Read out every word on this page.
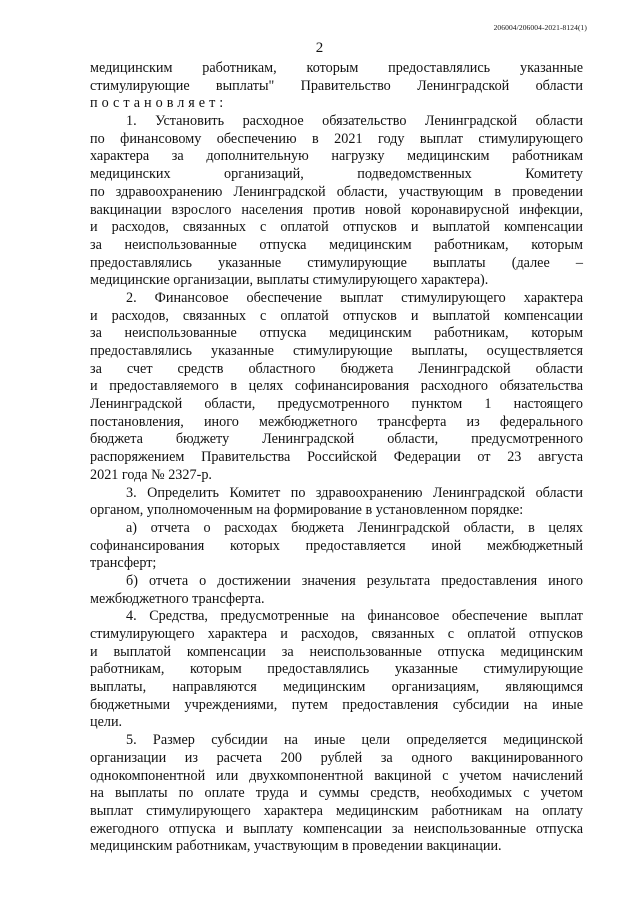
206004/206004-2021-8124(1)
2
медицинским работникам, которым предоставлялись указанные
стимулирующие выплаты" Правительство Ленинградской области
постановляет:
1. Установить расходное обязательство Ленинградской области
по финансовому обеспечению в 2021 году выплат стимулирующего
характера за дополнительную нагрузку медицинским работникам
медицинских организаций, подведомственных Комитету
по здравоохранению Ленинградской области, участвующим в проведении
вакцинации взрослого населения против новой коронавирусной инфекции,
и расходов, связанных с оплатой отпусков и выплатой компенсации
за неиспользованные отпуска медицинским работникам, которым
предоставлялись указанные стимулирующие выплаты (далее –
медицинские организации, выплаты стимулирующего характера).
2. Финансовое обеспечение выплат стимулирующего характера
и расходов, связанных с оплатой отпусков и выплатой компенсации
за неиспользованные отпуска медицинским работникам, которым
предоставлялись указанные стимулирующие выплаты, осуществляется
за счет средств областного бюджета Ленинградской области
и предоставляемого в целях софинансирования расходного обязательства
Ленинградской области, предусмотренного пунктом 1 настоящего
постановления, иного межбюджетного трансферта из федерального
бюджета бюджету Ленинградской области, предусмотренного
распоряжением Правительства Российской Федерации от 23 августа
2021 года № 2327-р.
3. Определить Комитет по здравоохранению Ленинградской области
органом, уполномоченным на формирование в установленном порядке:
а) отчета о расходах бюджета Ленинградской области, в целях
софинансирования которых предоставляется иной межбюджетный
трансферт;
б) отчета о достижении значения результата предоставления иного
межбюджетного трансферта.
4. Средства, предусмотренные на финансовое обеспечение выплат
стимулирующего характера и расходов, связанных с оплатой отпусков
и выплатой компенсации за неиспользованные отпуска медицинским
работникам, которым предоставлялись указанные стимулирующие
выплаты, направляются медицинским организациям, являющимся
бюджетными учреждениями, путем предоставления субсидии на иные
цели.
5. Размер субсидии на иные цели определяется медицинской
организации из расчета 200 рублей за одного вакцинированного
однокомпонентной или двухкомпонентной вакциной с учетом начислений
на выплаты по оплате труда и суммы средств, необходимых с учетом
выплат стимулирующего характера медицинским работникам на оплату
ежегодного отпуска и выплату компенсации за неиспользованные отпуска
медицинским работникам, участвующим в проведении вакцинации.
